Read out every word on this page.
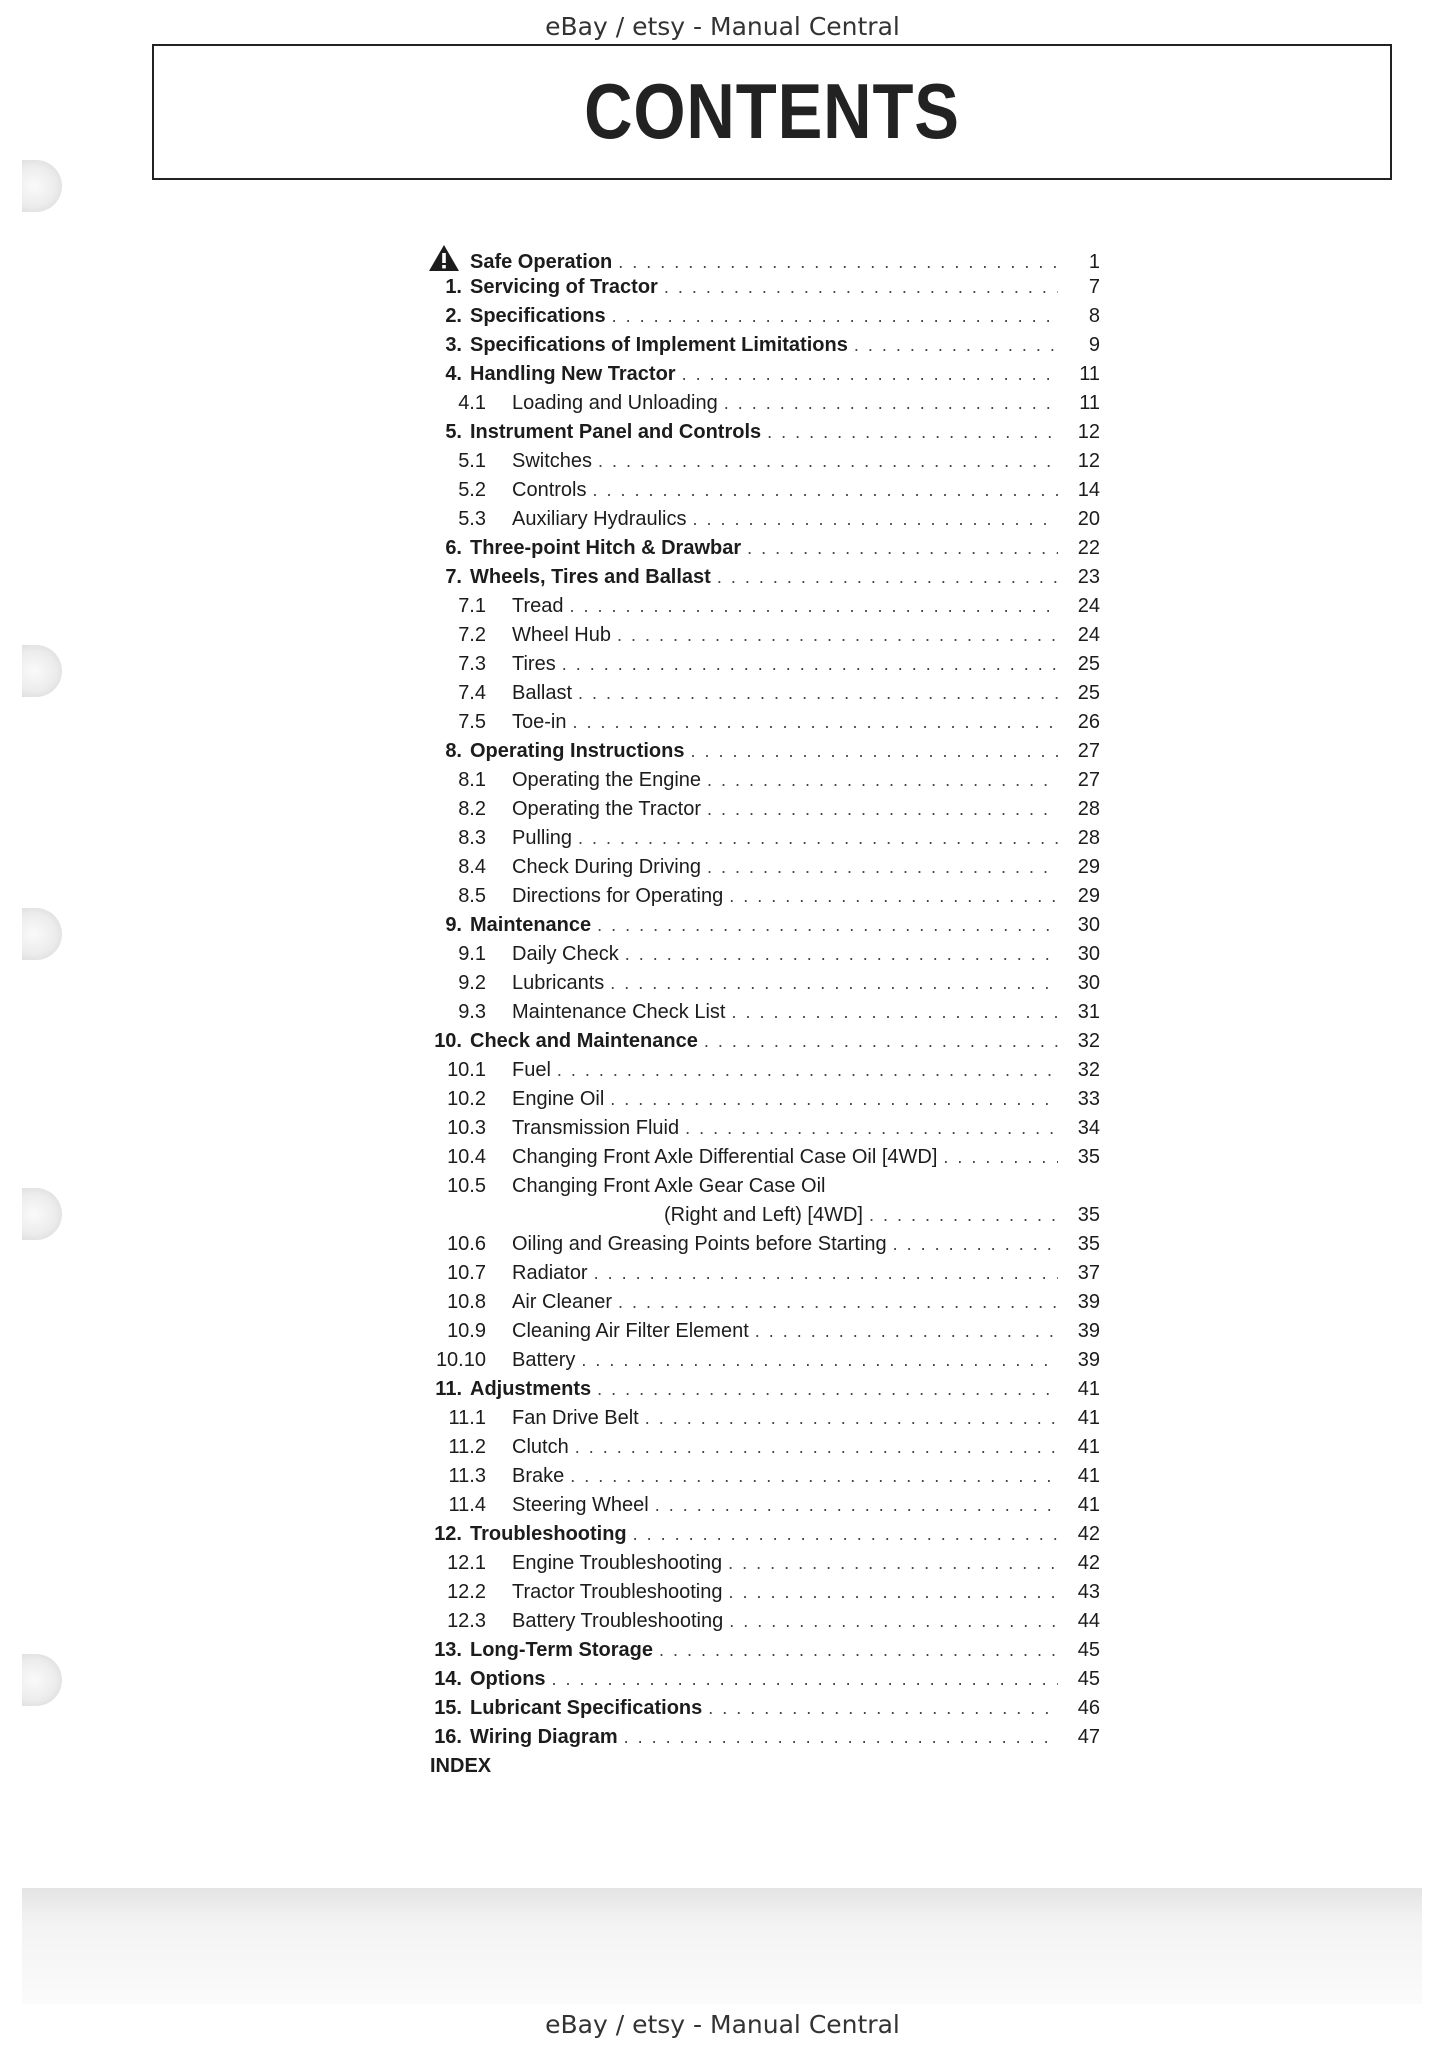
eBay / etsy - Manual Central
CONTENTS
Safe Operation . . .	1
1. Servicing of Tractor . . .	7
2. Specifications . . .	8
3. Specifications of Implement Limitations . . .	9
4. Handling New Tractor . . .	11
4.1	Loading and Unloading . . .	11
5. Instrument Panel and Controls . . .	12
5.1	Switches . . .	12
5.2	Controls . . .	14
5.3	Auxiliary Hydraulics . . .	20
6. Three-point Hitch & Drawbar . . .	22
7. Wheels, Tires and Ballast . . .	23
7.1	Tread . . .	24
7.2	Wheel Hub . . .	24
7.3	Tires . . .	25
7.4	Ballast . . .	25
7.5	Toe-in . . .	26
8. Operating Instructions . . .	27
8.1	Operating the Engine . . .	27
8.2	Operating the Tractor . . .	28
8.3	Pulling . . .	28
8.4	Check During Driving . . .	29
8.5	Directions for Operating . . .	29
9. Maintenance . . .	30
9.1	Daily Check . . .	30
9.2	Lubricants . . .	30
9.3	Maintenance Check List . . .	31
10. Check and Maintenance . . .	32
10.1	Fuel . . .	32
10.2	Engine Oil . . .	33
10.3	Transmission Fluid . . .	34
10.4	Changing Front Axle Differential Case Oil [4WD] . . .	35
10.5	Changing Front Axle Gear Case Oil
(Right and Left) [4WD] . . .	35
10.6	Oiling and Greasing Points before Starting . . .	35
10.7	Radiator . . .	37
10.8	Air Cleaner . . .	39
10.9	Cleaning Air Filter Element . . .	39
10.10	Battery . . .	39
11. Adjustments . . .	41
11.1	Fan Drive Belt . . .	41
11.2	Clutch . . .	41
11.3	Brake . . .	41
11.4	Steering Wheel . . .	41
12. Troubleshooting . . .	42
12.1	Engine Troubleshooting . . .	42
12.2	Tractor Troubleshooting . . .	43
12.3	Battery Troubleshooting . . .	44
13. Long-Term Storage . . .	45
14. Options . . .	45
15. Lubricant Specifications . . .	46
16. Wiring Diagram . . .	47
INDEX
eBay / etsy - Manual Central
